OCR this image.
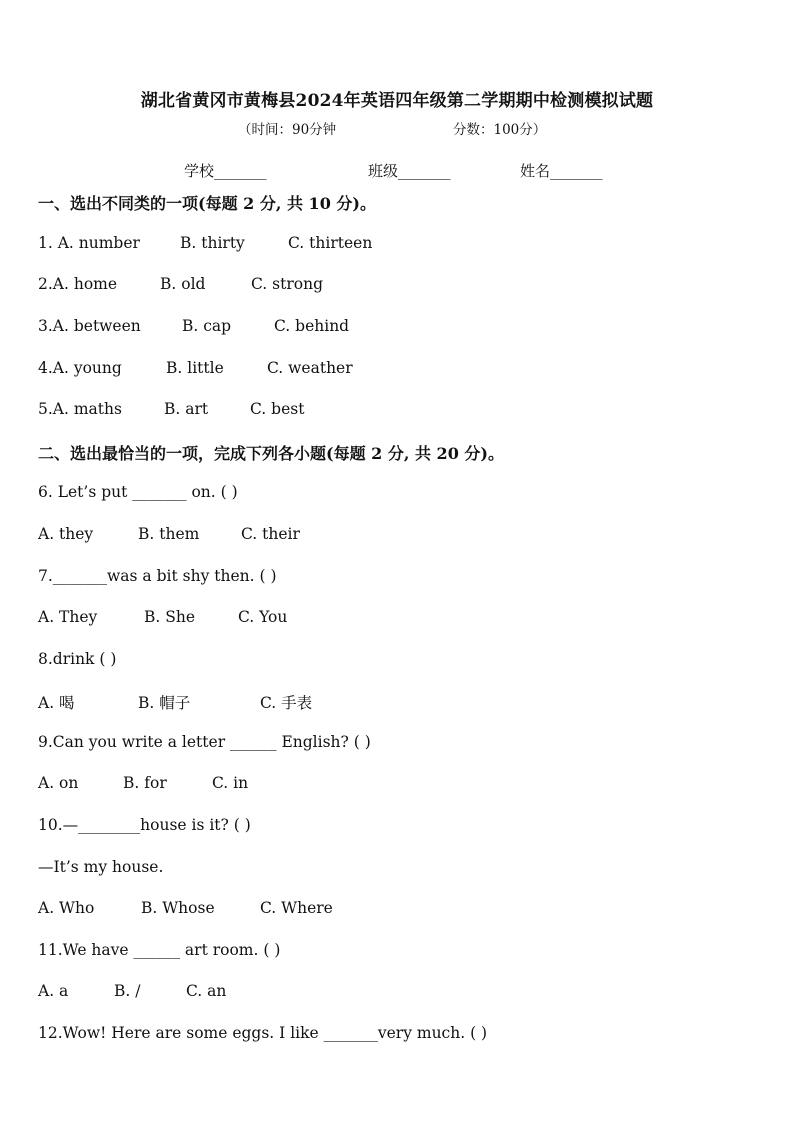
湖北省黄冈市黄梅县2024年英语四年级第二学期期中检测模拟试题
（时间：90分钟	分数：100分）
学校_______	班级_______	姓名_______
一、选出不同类的一项(每题 2 分, 共 10 分)。
1. A. number	B. thirty	C. thirteen
2.A. home	B. old	C. strong
3.A. between	B. cap	C. behind
4.A. young	B. little	C. weather
5.A. maths	B. art	C. best
二、选出最恰当的一项，完成下列各小题(每题 2 分, 共 20 分)。
6. Let’s put _______ on. ( )
A. they	B. them	C. their
7._______was a bit shy then. ( )
A. They	B. She	C. You
8.drink ( )
A. 喝	B. 帽子	C. 手表
9.Can you write a letter ______ English? ( )
A. on	B. for	C. in
10.—________house is it? ( )
—It’s my house.
A. Who	B. Whose	C. Where
11.We have ______ art room. ( )
A. a	B. /	C. an
12.Wow! Here are some eggs. I like _______very much. ( )
